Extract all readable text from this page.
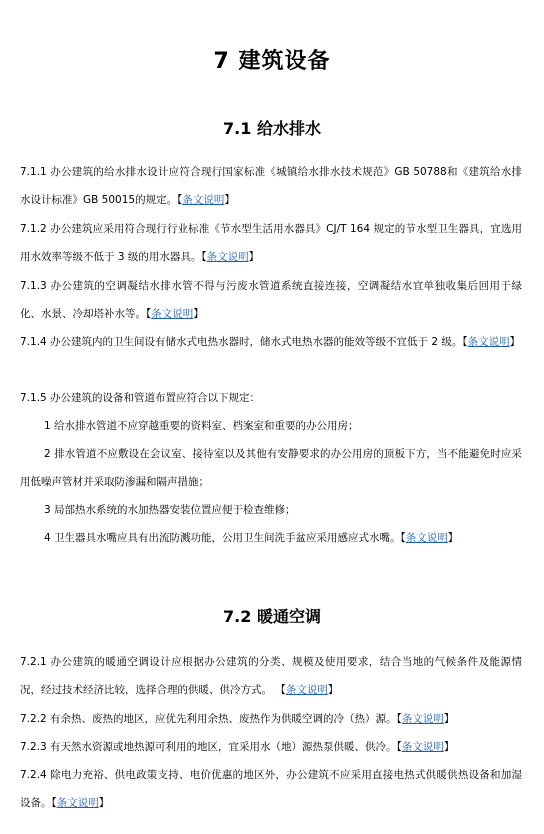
7 建筑设备
7.1 给水排水
7.1.1 办公建筑的给水排水设计应符合现行国家标准《城镇给水排水技术规范》GB 50788和《建筑给水排水设计标准》GB 50015的规定。【条文说明】
7.1.2 办公建筑应采用符合现行行业标准《节水型生活用水器具》CJ/T 164 规定的节水型卫生器具，宜选用用水效率等级不低于 3 级的用水器具。【条文说明】
7.1.3 办公建筑的空调凝结水排水管不得与污废水管道系统直接连接，空调凝结水宜单独收集后回用于绿化、水景、冷却塔补水等。【条文说明】
7.1.4 办公建筑内的卫生间设有储水式电热水器时，储水式电热水器的能效等级不宜低于 2 级。【条文说明】
7.1.5 办公建筑的设备和管道布置应符合以下规定：
1 给水排水管道不应穿越重要的资料室、档案室和重要的办公用房；
2 排水管道不应敷设在会议室、接待室以及其他有安静要求的办公用房的顶板下方，当不能避免时应采用低噪声管材并采取防渗漏和隔声措施；
3 局部热水系统的水加热器安装位置应便于检查维修；
4 卫生器具水嘴应具有出流防溅功能，公用卫生间洗手盆应采用感应式水嘴。【条文说明】
7.2 暖通空调
7.2.1 办公建筑的暖通空调设计应根据办公建筑的分类、规模及使用要求，结合当地的气候条件及能源情况，经过技术经济比较，选择合理的供暖、供冷方式。 【条文说明】
7.2.2 有余热、废热的地区，应优先利用余热、废热作为供暖空调的冷（热）源。【条文说明】
7.2.3 有天然水资源或地热源可利用的地区，宜采用水（地）源热泵供暖、供冷。【条文说明】
7.2.4 除电力充裕、供电政策支持、电价优惠的地区外，办公建筑不应采用直接电热式供暖供热设备和加湿设备。【条文说明】
